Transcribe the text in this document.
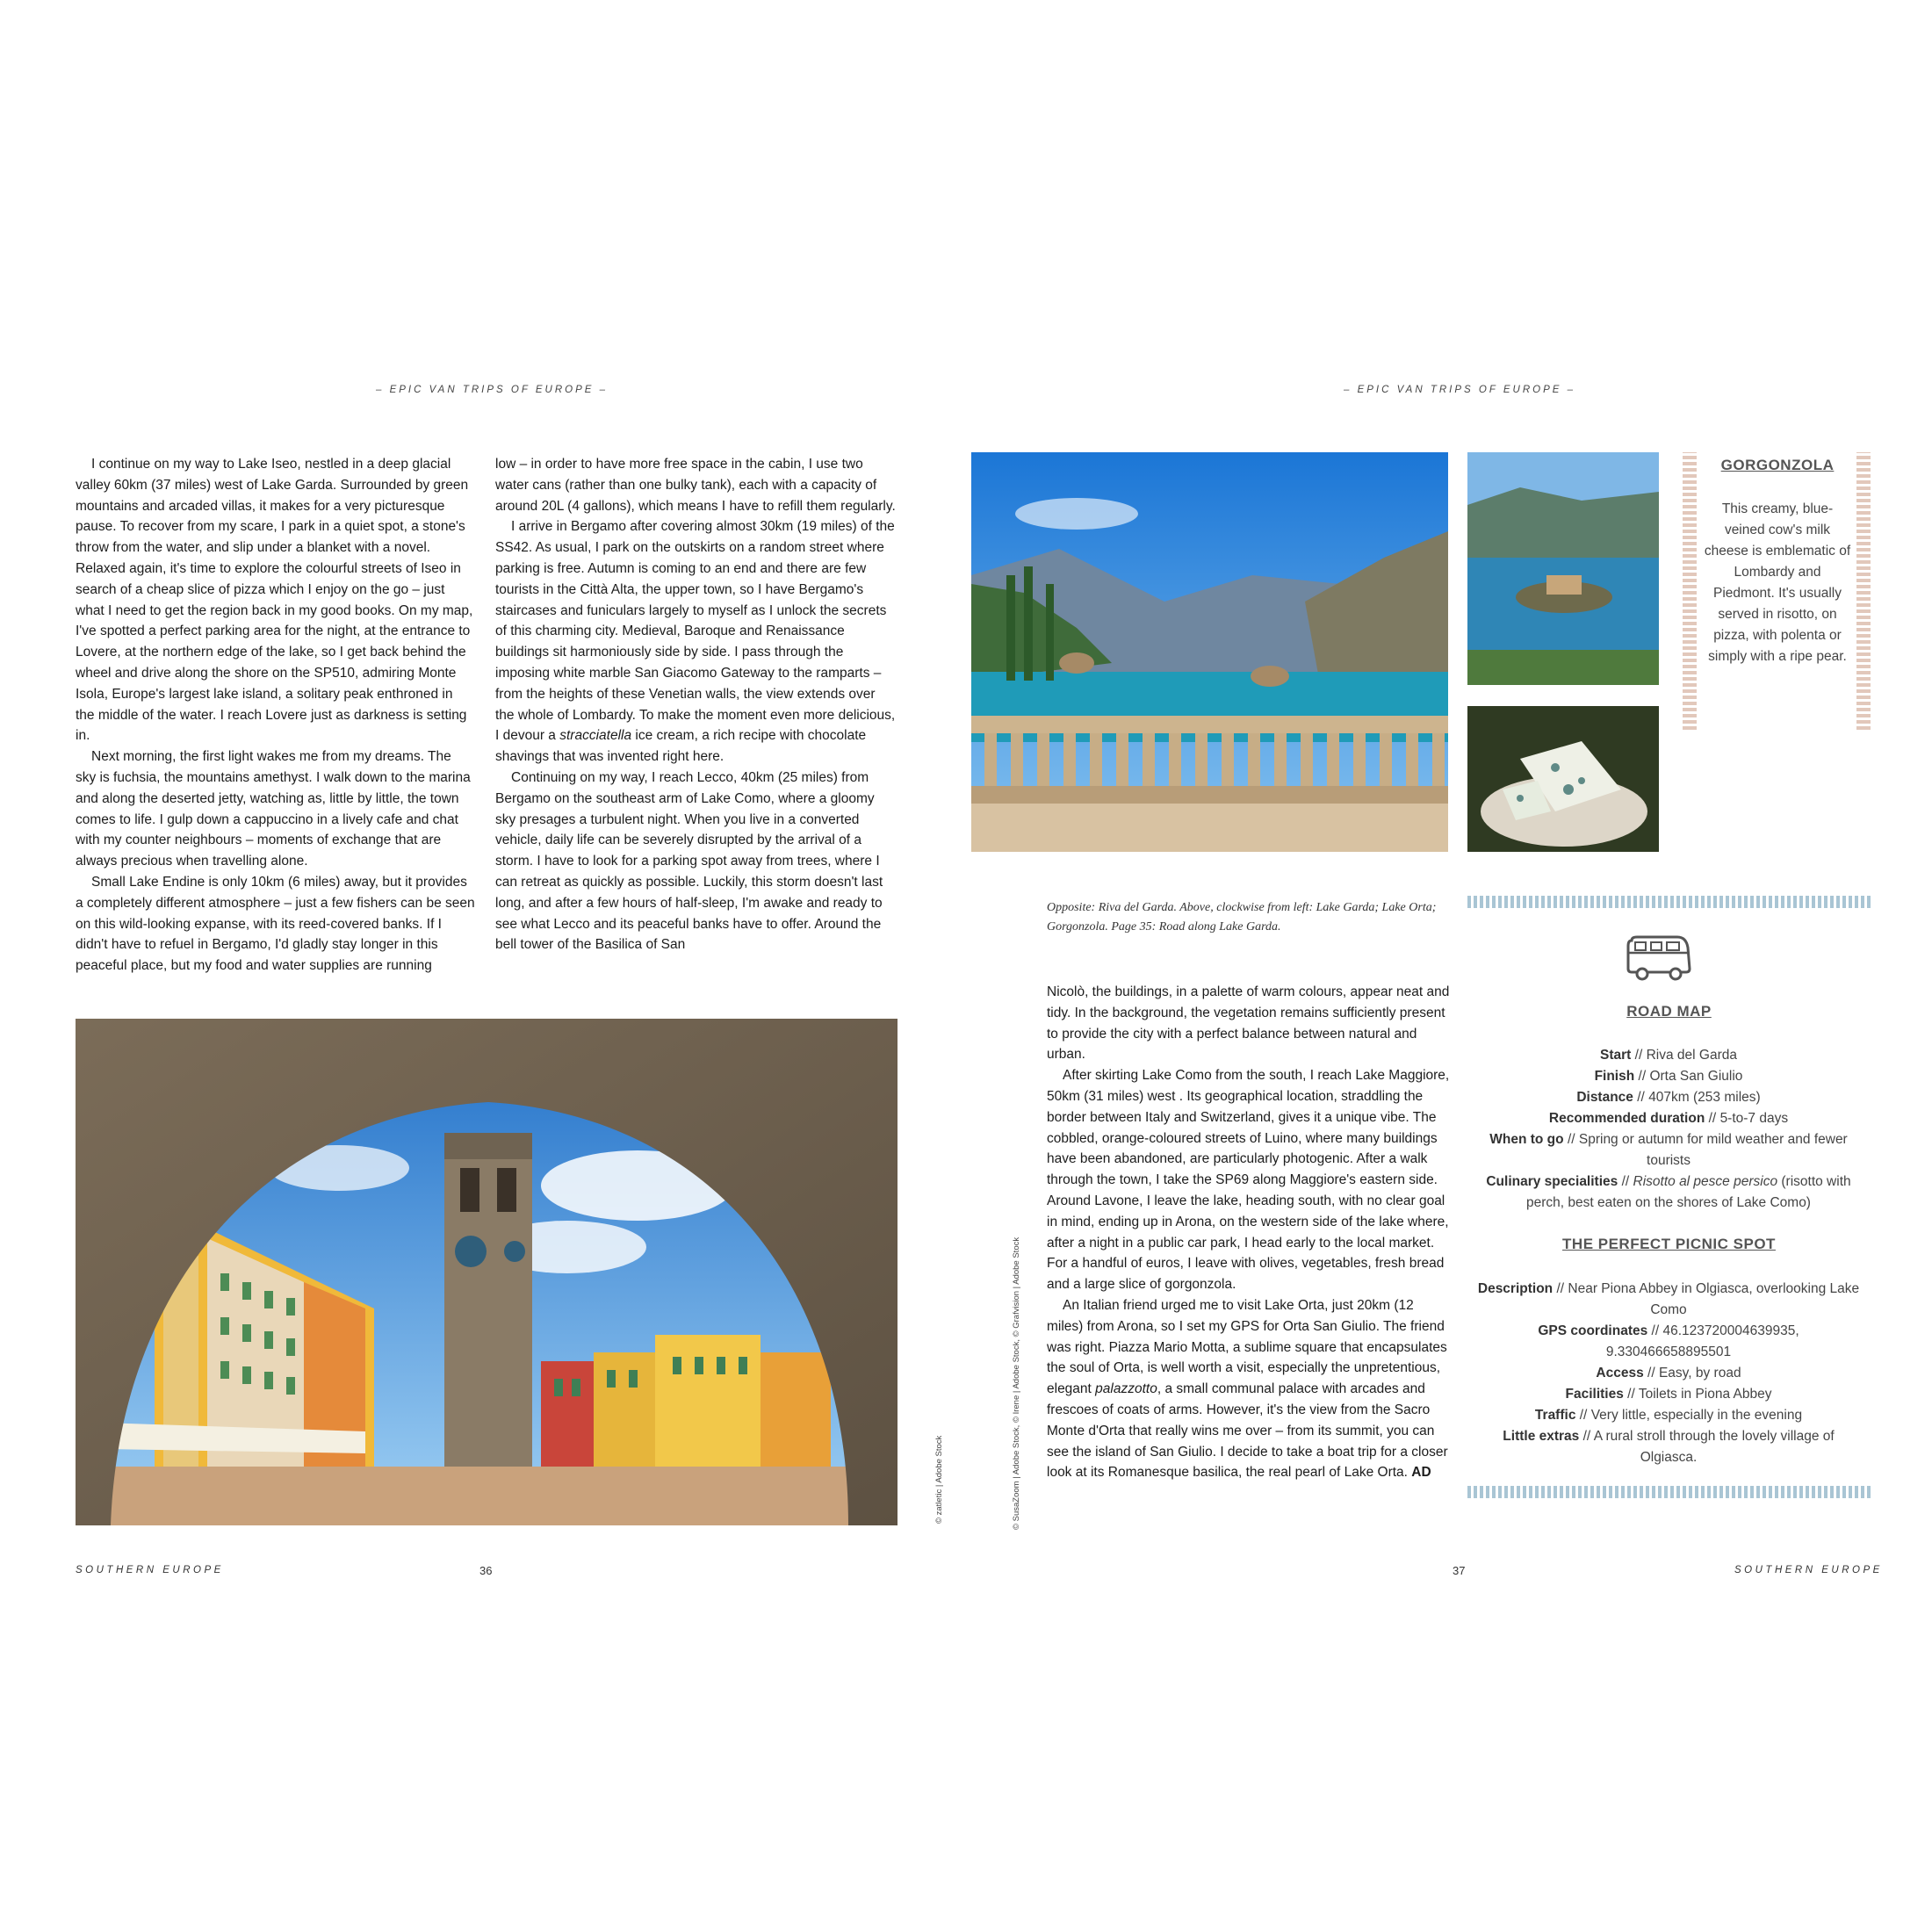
– EPIC VAN TRIPS OF EUROPE –	– EPIC VAN TRIPS OF EUROPE –

I continue on my way to Lake Iseo, nestled in a deep glacial valley 60km (37 miles) west of Lake Garda. Surrounded by green mountains and arcaded villas, it makes for a very picturesque pause. To recover from my scare, I park in a quiet spot, a stone's throw from the water, and slip under a blanket with a novel. Relaxed again, it's time to explore the colourful streets of Iseo in search of a cheap slice of pizza which I enjoy on the go – just what I need to get the region back in my good books. On my map, I've spotted a perfect parking area for the night, at the entrance to Lovere, at the northern edge of the lake, so I get back behind the wheel and drive along the shore on the SP510, admiring Monte Isola, Europe's largest lake island, a solitary peak enthroned in the middle of the water. I reach Lovere just as darkness is setting in.

Next morning, the first light wakes me from my dreams. The sky is fuchsia, the mountains amethyst. I walk down to the marina and along the deserted jetty, watching as, little by little, the town comes to life. I gulp down a cappuccino in a lively cafe and chat with my counter neighbours – moments of exchange that are always precious when travelling alone.

Small Lake Endine is only 10km (6 miles) away, but it provides a completely different atmosphere – just a few fishers can be seen on this wild-looking expanse, with its reed-covered banks. If I didn't have to refuel in Bergamo, I'd gladly stay longer in this peaceful place, but my food and water supplies are running

low – in order to have more free space in the cabin, I use two water cans (rather than one bulky tank), each with a capacity of around 20L (4 gallons), which means I have to refill them regularly.

I arrive in Bergamo after covering almost 30km (19 miles) of the SS42. As usual, I park on the outskirts on a random street where parking is free. Autumn is coming to an end and there are few tourists in the Città Alta, the upper town, so I have Bergamo's staircases and funiculars largely to myself as I unlock the secrets of this charming city. Medieval, Baroque and Renaissance buildings sit harmoniously side by side. I pass through the imposing white marble San Giacomo Gateway to the ramparts – from the heights of these Venetian walls, the view extends over the whole of Lombardy. To make the moment even more delicious, I devour a stracciatella ice cream, a rich recipe with chocolate shavings that was invented right here.

Continuing on my way, I reach Lecco, 40km (25 miles) from Bergamo on the southeast arm of Lake Como, where a gloomy sky presages a turbulent night. When you live in a converted vehicle, daily life can be severely disrupted by the arrival of a storm. I have to look for a parking spot away from trees, where I can retreat as quickly as possible. Luckily, this storm doesn't last long, and after a few hours of half-sleep, I'm awake and ready to see what Lecco and its peaceful banks have to offer. Around the bell tower of the Basilica of San

© zatletic | Adobe Stock
SOUTHERN EUROPE	36
GORGONZOLA
This creamy, blue-veined cow's milk cheese is emblematic of Lombardy and Piedmont. It's usually served in risotto, on pizza, with polenta or simply with a ripe pear.
Opposite: Riva del Garda. Above, clockwise from left: Lake Garda; Lake Orta; Gorgonzola. Page 35: Road along Lake Garda.

Nicolò, the buildings, in a palette of warm colours, appear neat and tidy. In the background, the vegetation remains sufficiently present to provide the city with a perfect balance between natural and urban.

After skirting Lake Como from the south, I reach Lake Maggiore, 50km (31 miles) west . Its geographical location, straddling the border between Italy and Switzerland, gives it a unique vibe. The cobbled, orange-coloured streets of Luino, where many buildings have been abandoned, are particularly photogenic. After a walk through the town, I take the SP69 along Maggiore's eastern side. Around Lavone, I leave the lake, heading south, with no clear goal in mind, ending up in Arona, on the western side of the lake where, after a night in a public car park, I head early to the local market. For a handful of euros, I leave with olives, vegetables, fresh bread and a large slice of gorgonzola.

An Italian friend urged me to visit Lake Orta, just 20km (12 miles) from Arona, so I set my GPS for Orta San Giulio. The friend was right. Piazza Mario Motta, a sublime square that encapsulates the soul of Orta, is well worth a visit, especially the unpretentious, elegant palazzotto, a small communal palace with arcades and frescoes of coats of arms. However, it's the view from the Sacro Monte d'Orta that really wins me over – from its summit, you can see the island of San Giulio. I decide to take a boat trip for a closer look at its Romanesque basilica, the real pearl of Lake Orta. AD

© SusaZoom | Adobe Stock, © Irene | Adobe Stock, © Grafvision | Adobe Stock
ROAD MAP
Start // Riva del Garda
Finish // Orta San Giulio
Distance // 407km (253 miles)
Recommended duration // 5-to-7 days
When to go // Spring or autumn for mild weather and fewer tourists
Culinary specialities // Risotto al pesce persico (risotto with perch, best eaten on the shores of Lake Como)
THE PERFECT PICNIC SPOT
Description // Near Piona Abbey in Olgiasca, overlooking Lake Como
GPS coordinates // 46.123720004639935, 9.330466658895501
Access // Easy, by road
Facilities // Toilets in Piona Abbey
Traffic // Very little, especially in the evening
Little extras // A rural stroll through the lovely village of Olgiasca.
37	SOUTHERN EUROPE
